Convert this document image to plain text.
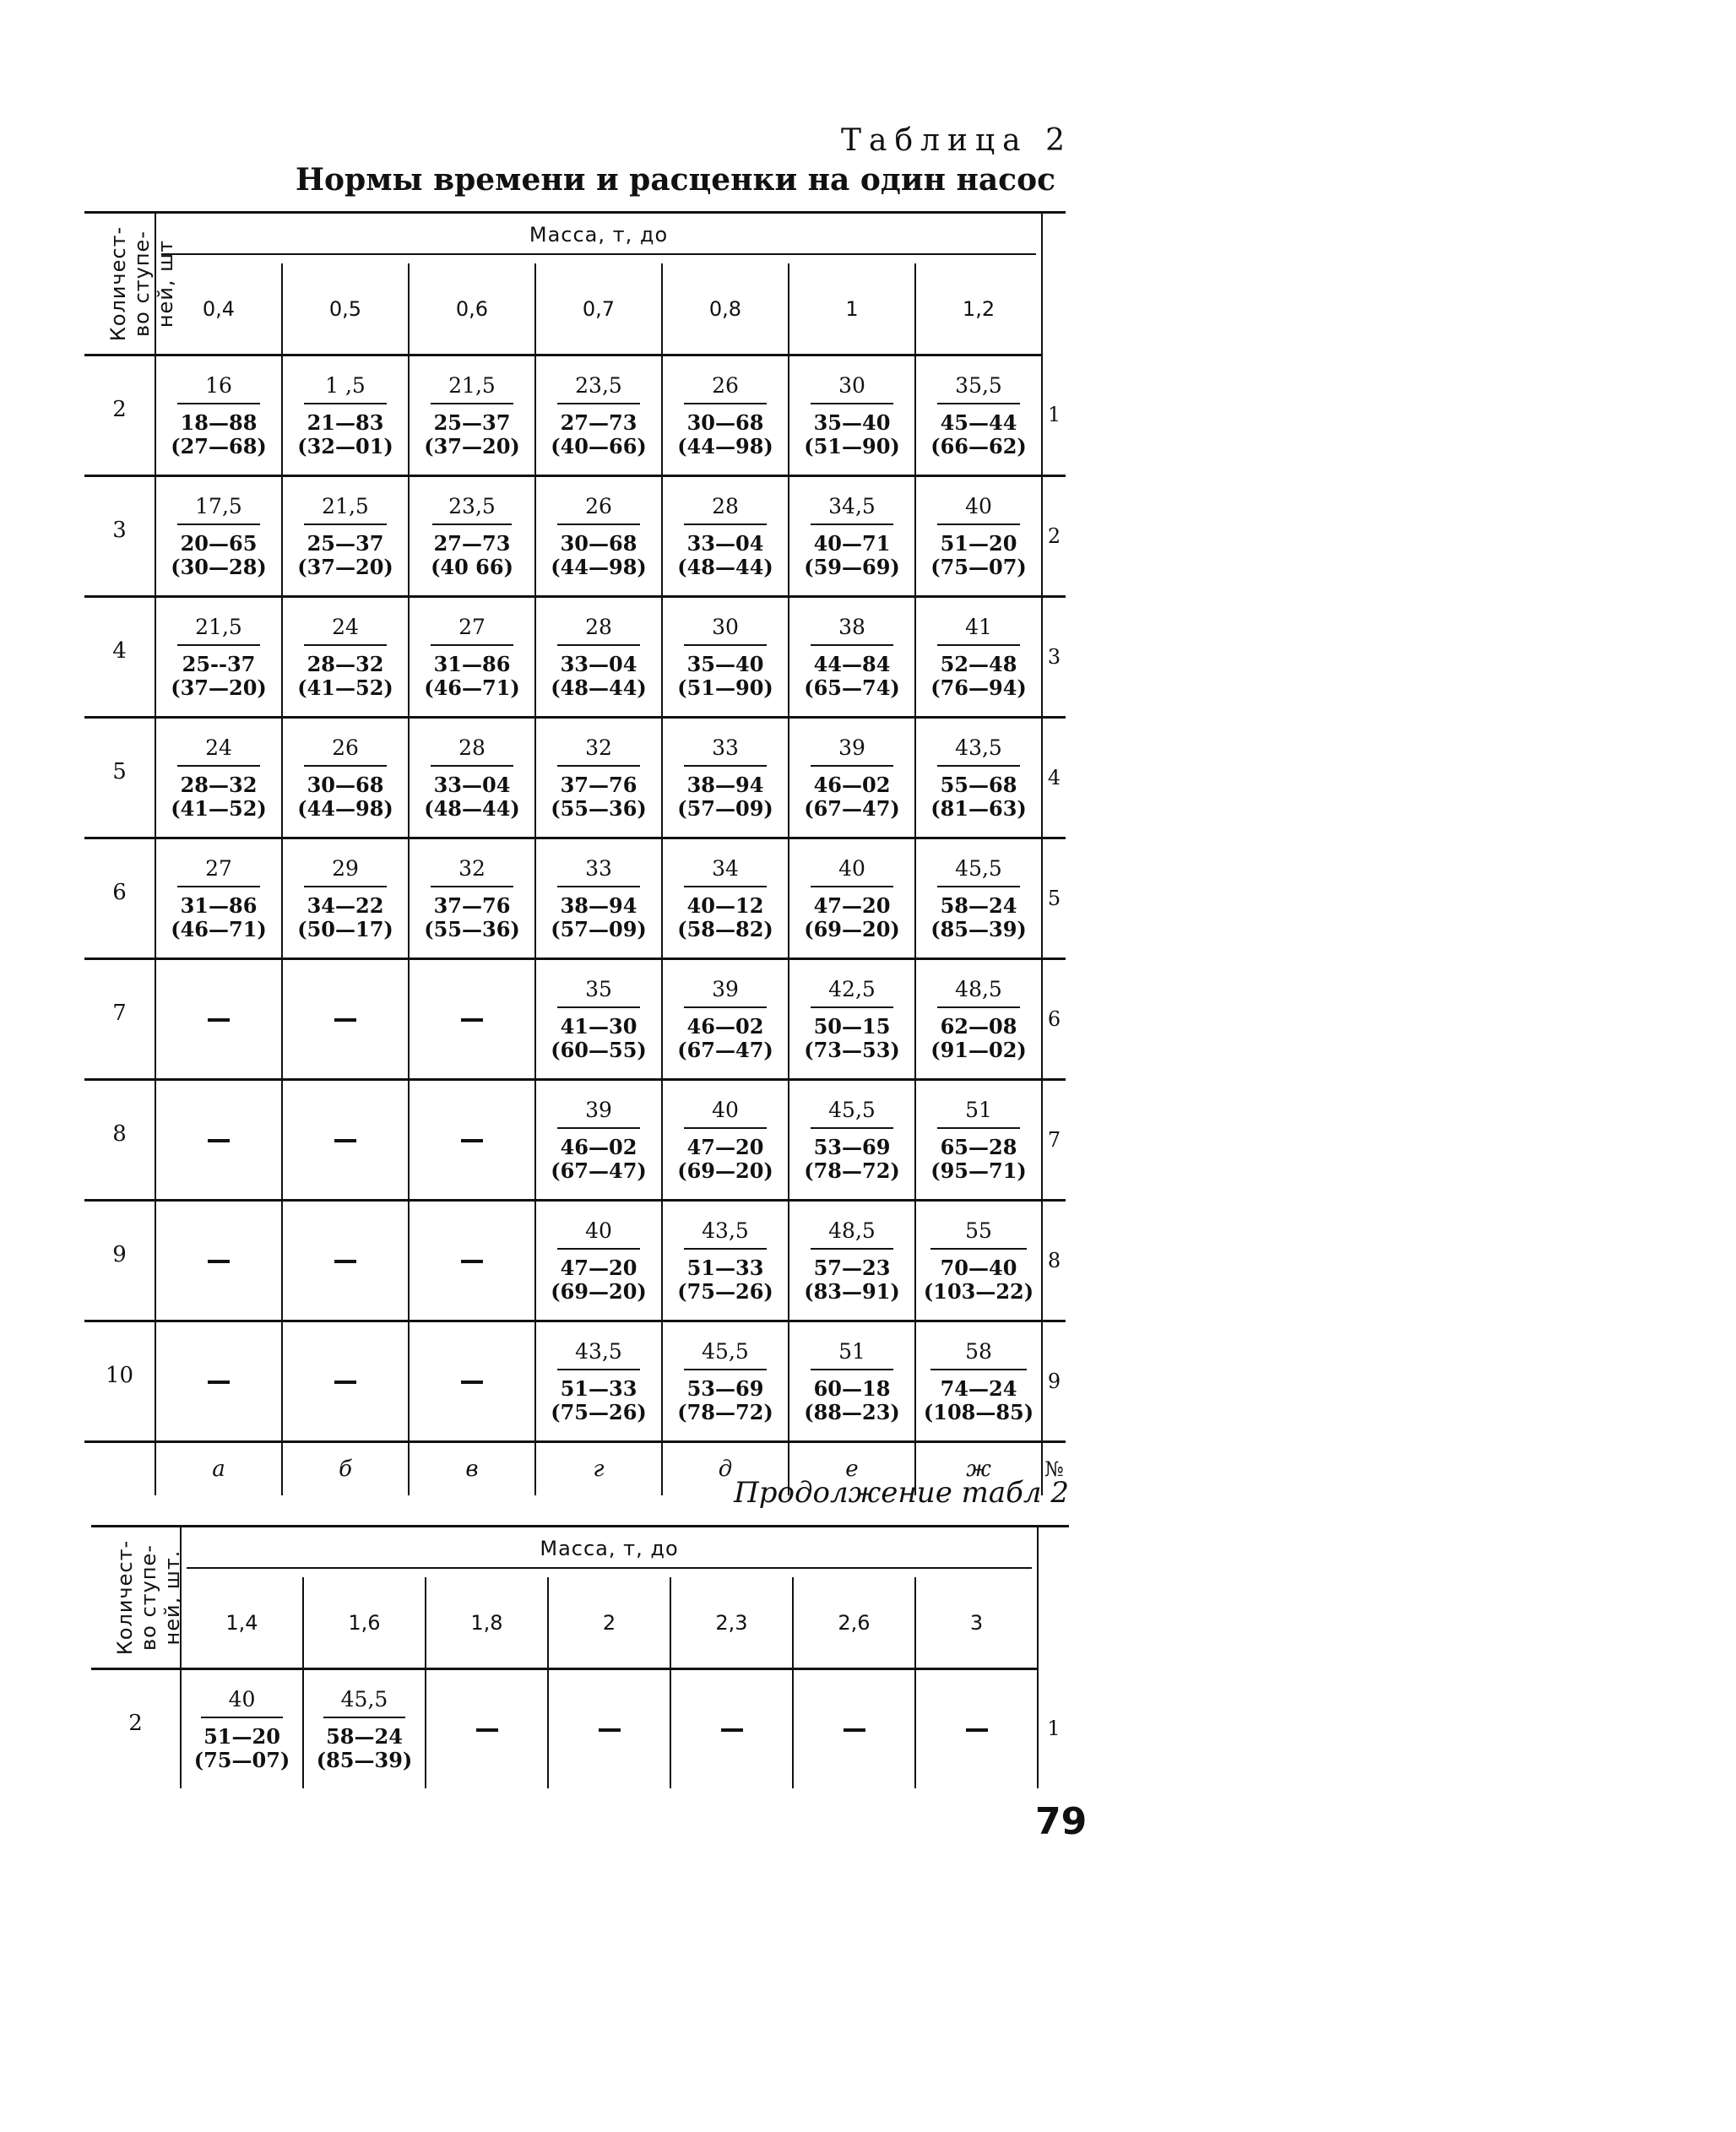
Таблица 2
Нормы времени и расценки на один насос
Количест-
во ступе-
ней, шт	Масса, т, до							

	0,4	0,5	0,6	0,7	0,8	1	1,2	
2	16
18—88
(27—68)	1 ,5
21—83
(32—01)	21,5
25—37
(37—20)	23,5
27—73
(40—66)	26
30—68
(44—98)	30
35—40
(51—90)	35,5
45—44
(66—62)	1
3	17,5
20—65
(30—28)	21,5
25—37
(37—20)	23,5
27—73
(40 66)	26
30—68
(44—98)	28
33—04
(48—44)	34,5
40—71
(59—69)	40
51—20
(75—07)	2
4	21,5
25--37
(37—20)	24
28—32
(41—52)	27
31—86
(46—71)	28
33—04
(48—44)	30
35—40
(51—90)	38
44—84
(65—74)	41
52—48
(76—94)	3
5	24
28—32
(41—52)	26
30—68
(44—98)	28
33—04
(48—44)	32
37—76
(55—36)	33
38—94
(57—09)	39
46—02
(67—47)	43,5
55—68
(81—63)	4
6	27
31—86
(46—71)	29
34—22
(50—17)	32
37—76
(55—36)	33
38—94
(57—09)	34
40—12
(58—82)	40
47—20
(69—20)	45,5
58—24
(85—39)	5
7				35
41—30
(60—55)	39
46—02
(67—47)	42,5
50—15
(73—53)	48,5
62—08
(91—02)	6
8				39
46—02
(67—47)	40
47—20
(69—20)	45,5
53—69
(78—72)	51
65—28
(95—71)	7
9				40
47—20
(69—20)	43,5
51—33
(75—26)	48,5
57—23
(83—91)	55
70—40
(103—22)	8
10				43,5
51—33
(75—26)	45,5
53—69
(78—72)	51
60—18
(88—23)	58
74—24
(108—85)	9
	а	б	в	г	д	е	ж	№
Продолжение табл 2
Количест-
во ступе-
ней, шт.	Масса, т, до							

	1,4	1,6	1,8	2	2,3	2,6	3	
2	40
51—20
(75—07)	45,5
58—24
(85—39)						1
79
